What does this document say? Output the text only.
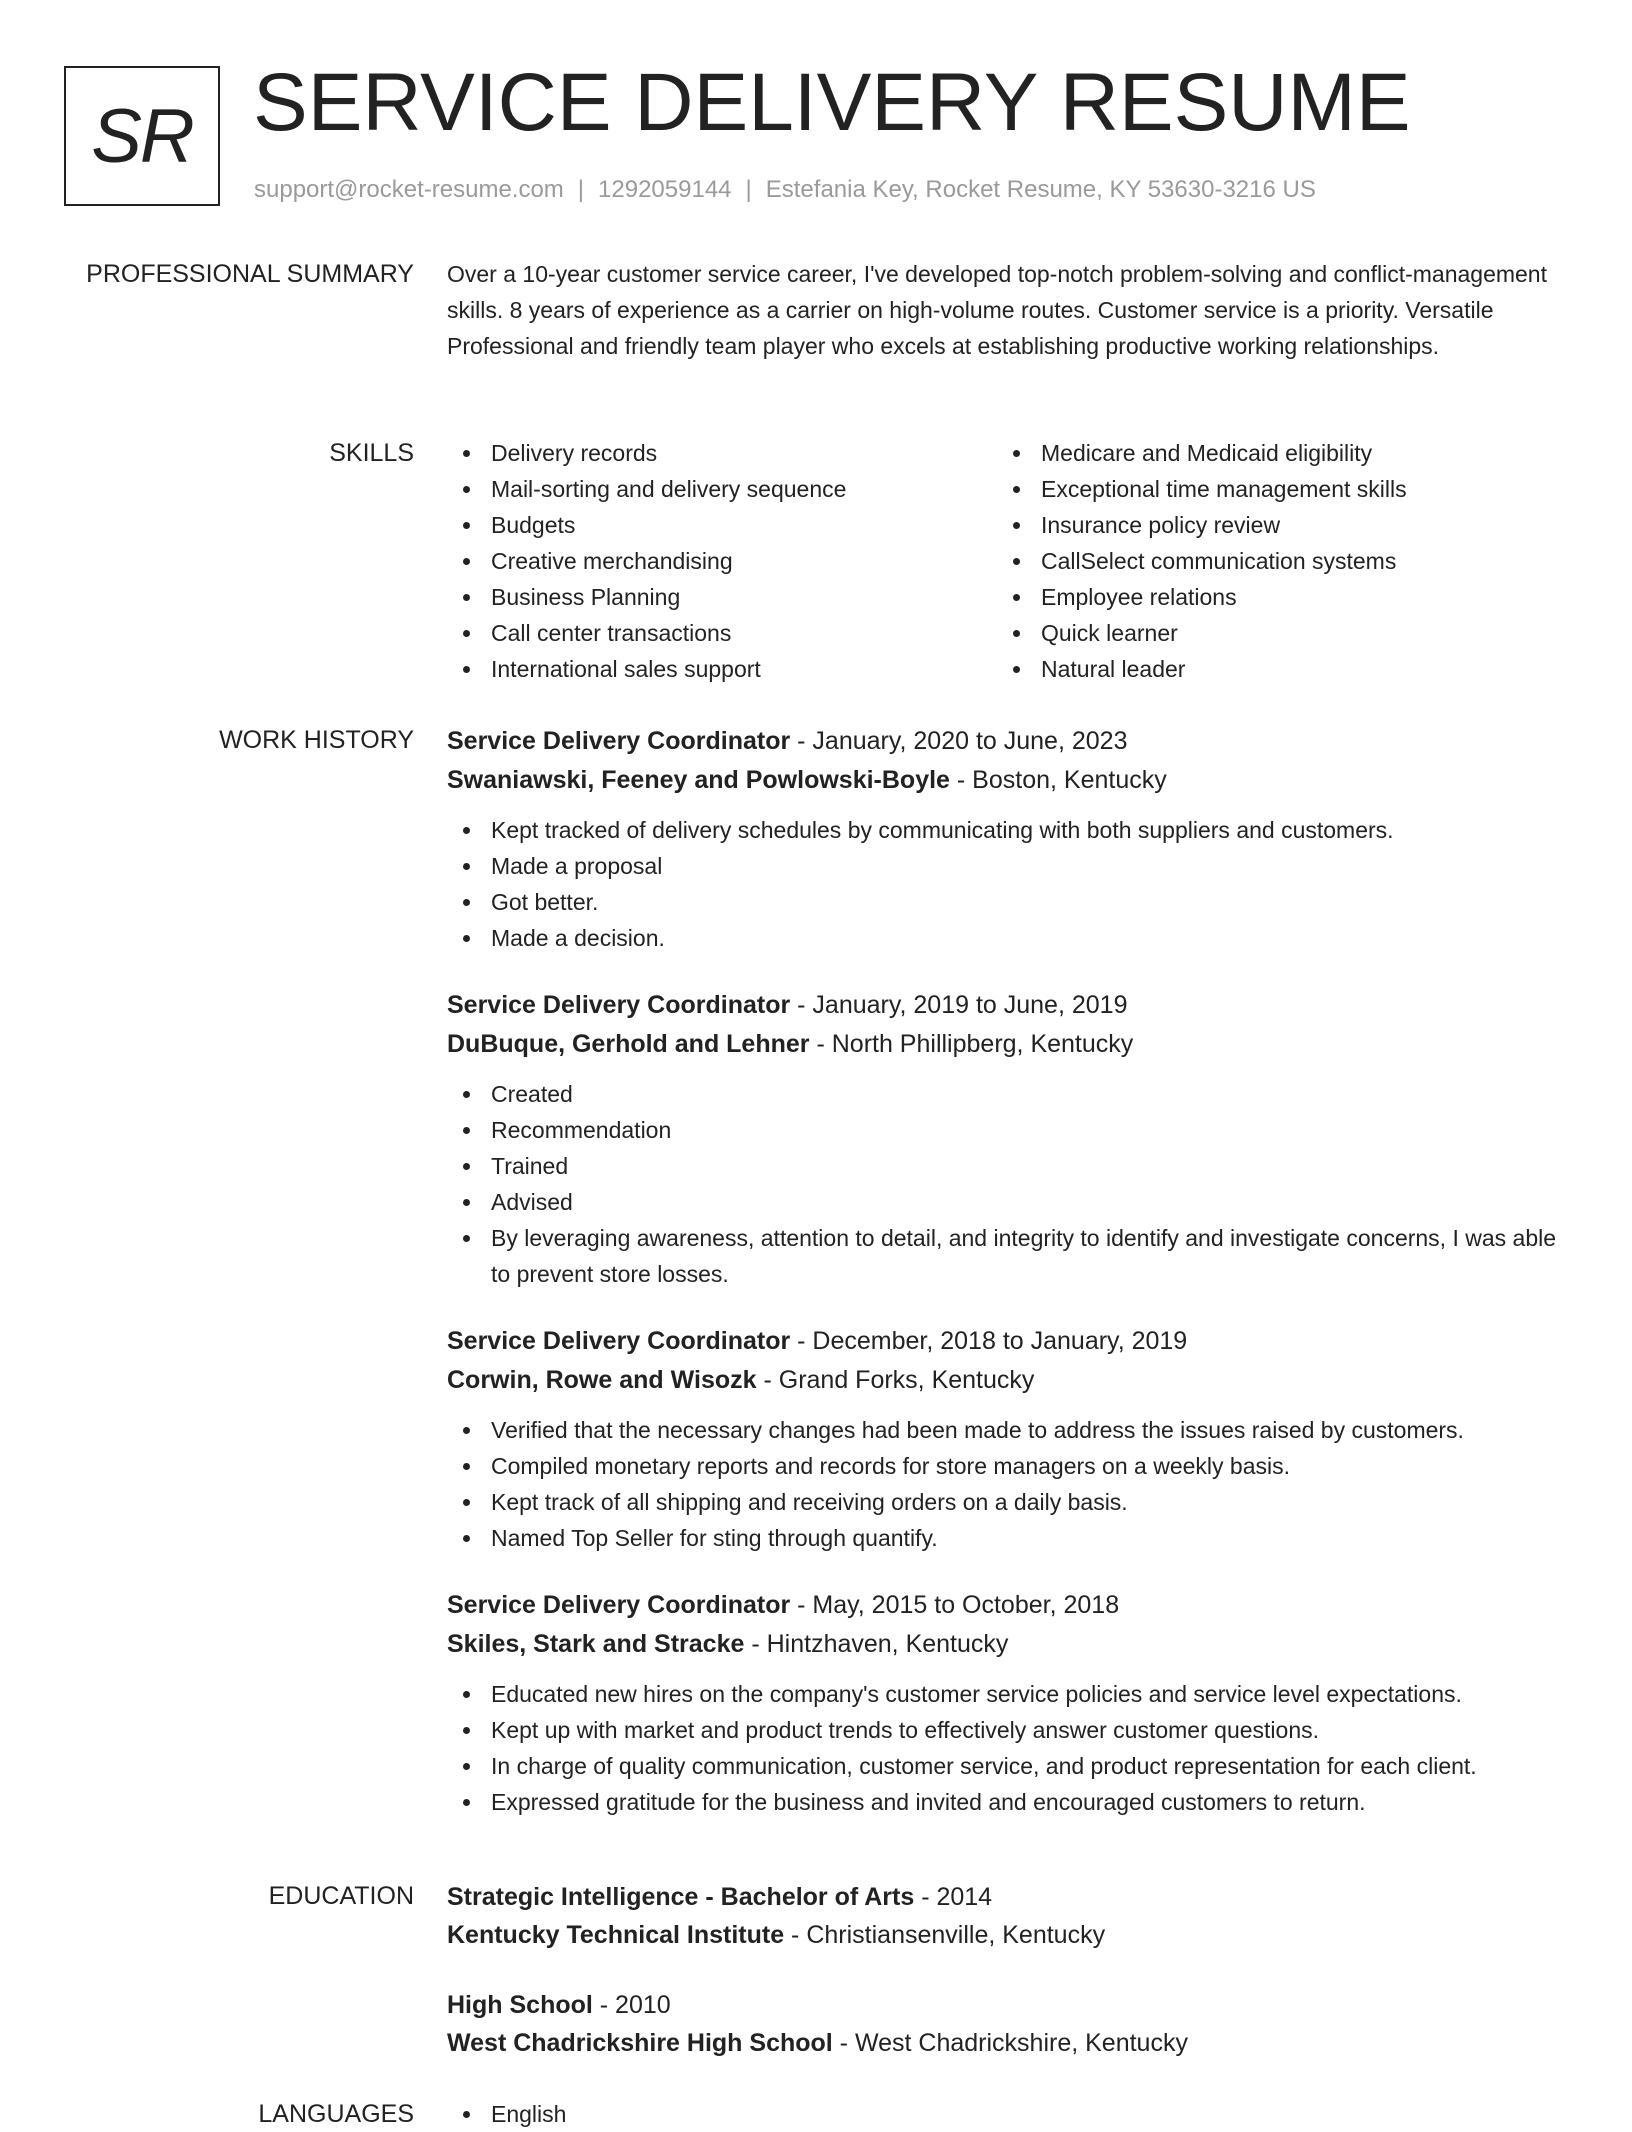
SR SERVICE DELIVERY RESUME
support@rocket-resume.com | 1292059144 | Estefania Key, Rocket Resume, KY 53630-3216 US
PROFESSIONAL SUMMARY Over a 10-year customer service career, I've developed top-notch problem-solving and conflict-management skills. 8 years of experience as a carrier on high-volume routes. Customer service is a priority. Versatile Professional and friendly team player who excels at establishing productive working relationships.

SKILLS	Delivery records
Mail-sorting and delivery sequence
Budgets
Creative merchandising
Business Planning
Call center transactions
International sales support
Medicare and Medicaid eligibility
Exceptional time management skills
Insurance policy review
CallSelect communication systems
Employee relations
Quick learner
Natural leader
WORK HISTORY Service Delivery Coordinator - January, 2020 to June, 2023
Swaniawski, Feeney and Powlowski-Boyle - Boston, Kentucky
Kept tracked of delivery schedules by communicating with both suppliers and customers.
Made a proposal
Got better.
Made a decision.
Service Delivery Coordinator - January, 2019 to June, 2019
DuBuque, Gerhold and Lehner - North Phillipberg, Kentucky
Created
Recommendation
Trained
Advised
By leveraging awareness, attention to detail, and integrity to identify and investigate concerns, I was able to prevent store losses.
Service Delivery Coordinator - December, 2018 to January, 2019
Corwin, Rowe and Wisozk - Grand Forks, Kentucky
Verified that the necessary changes had been made to address the issues raised by customers.
Compiled monetary reports and records for store managers on a weekly basis.
Kept track of all shipping and receiving orders on a daily basis.
Named Top Seller for sting through quantify.
Service Delivery Coordinator - May, 2015 to October, 2018
Skiles, Stark and Stracke - Hintzhaven, Kentucky
Educated new hires on the company's customer service policies and service level expectations.
Kept up with market and product trends to effectively answer customer questions.
In charge of quality communication, customer service, and product representation for each client.
Expressed gratitude for the business and invited and encouraged customers to return.
EDUCATION Strategic Intelligence - Bachelor of Arts - 2014
Kentucky Technical Institute - Christiansenville, Kentucky
High School - 2010
West Chadrickshire High School - West Chadrickshire, Kentucky
LANGUAGES	English
